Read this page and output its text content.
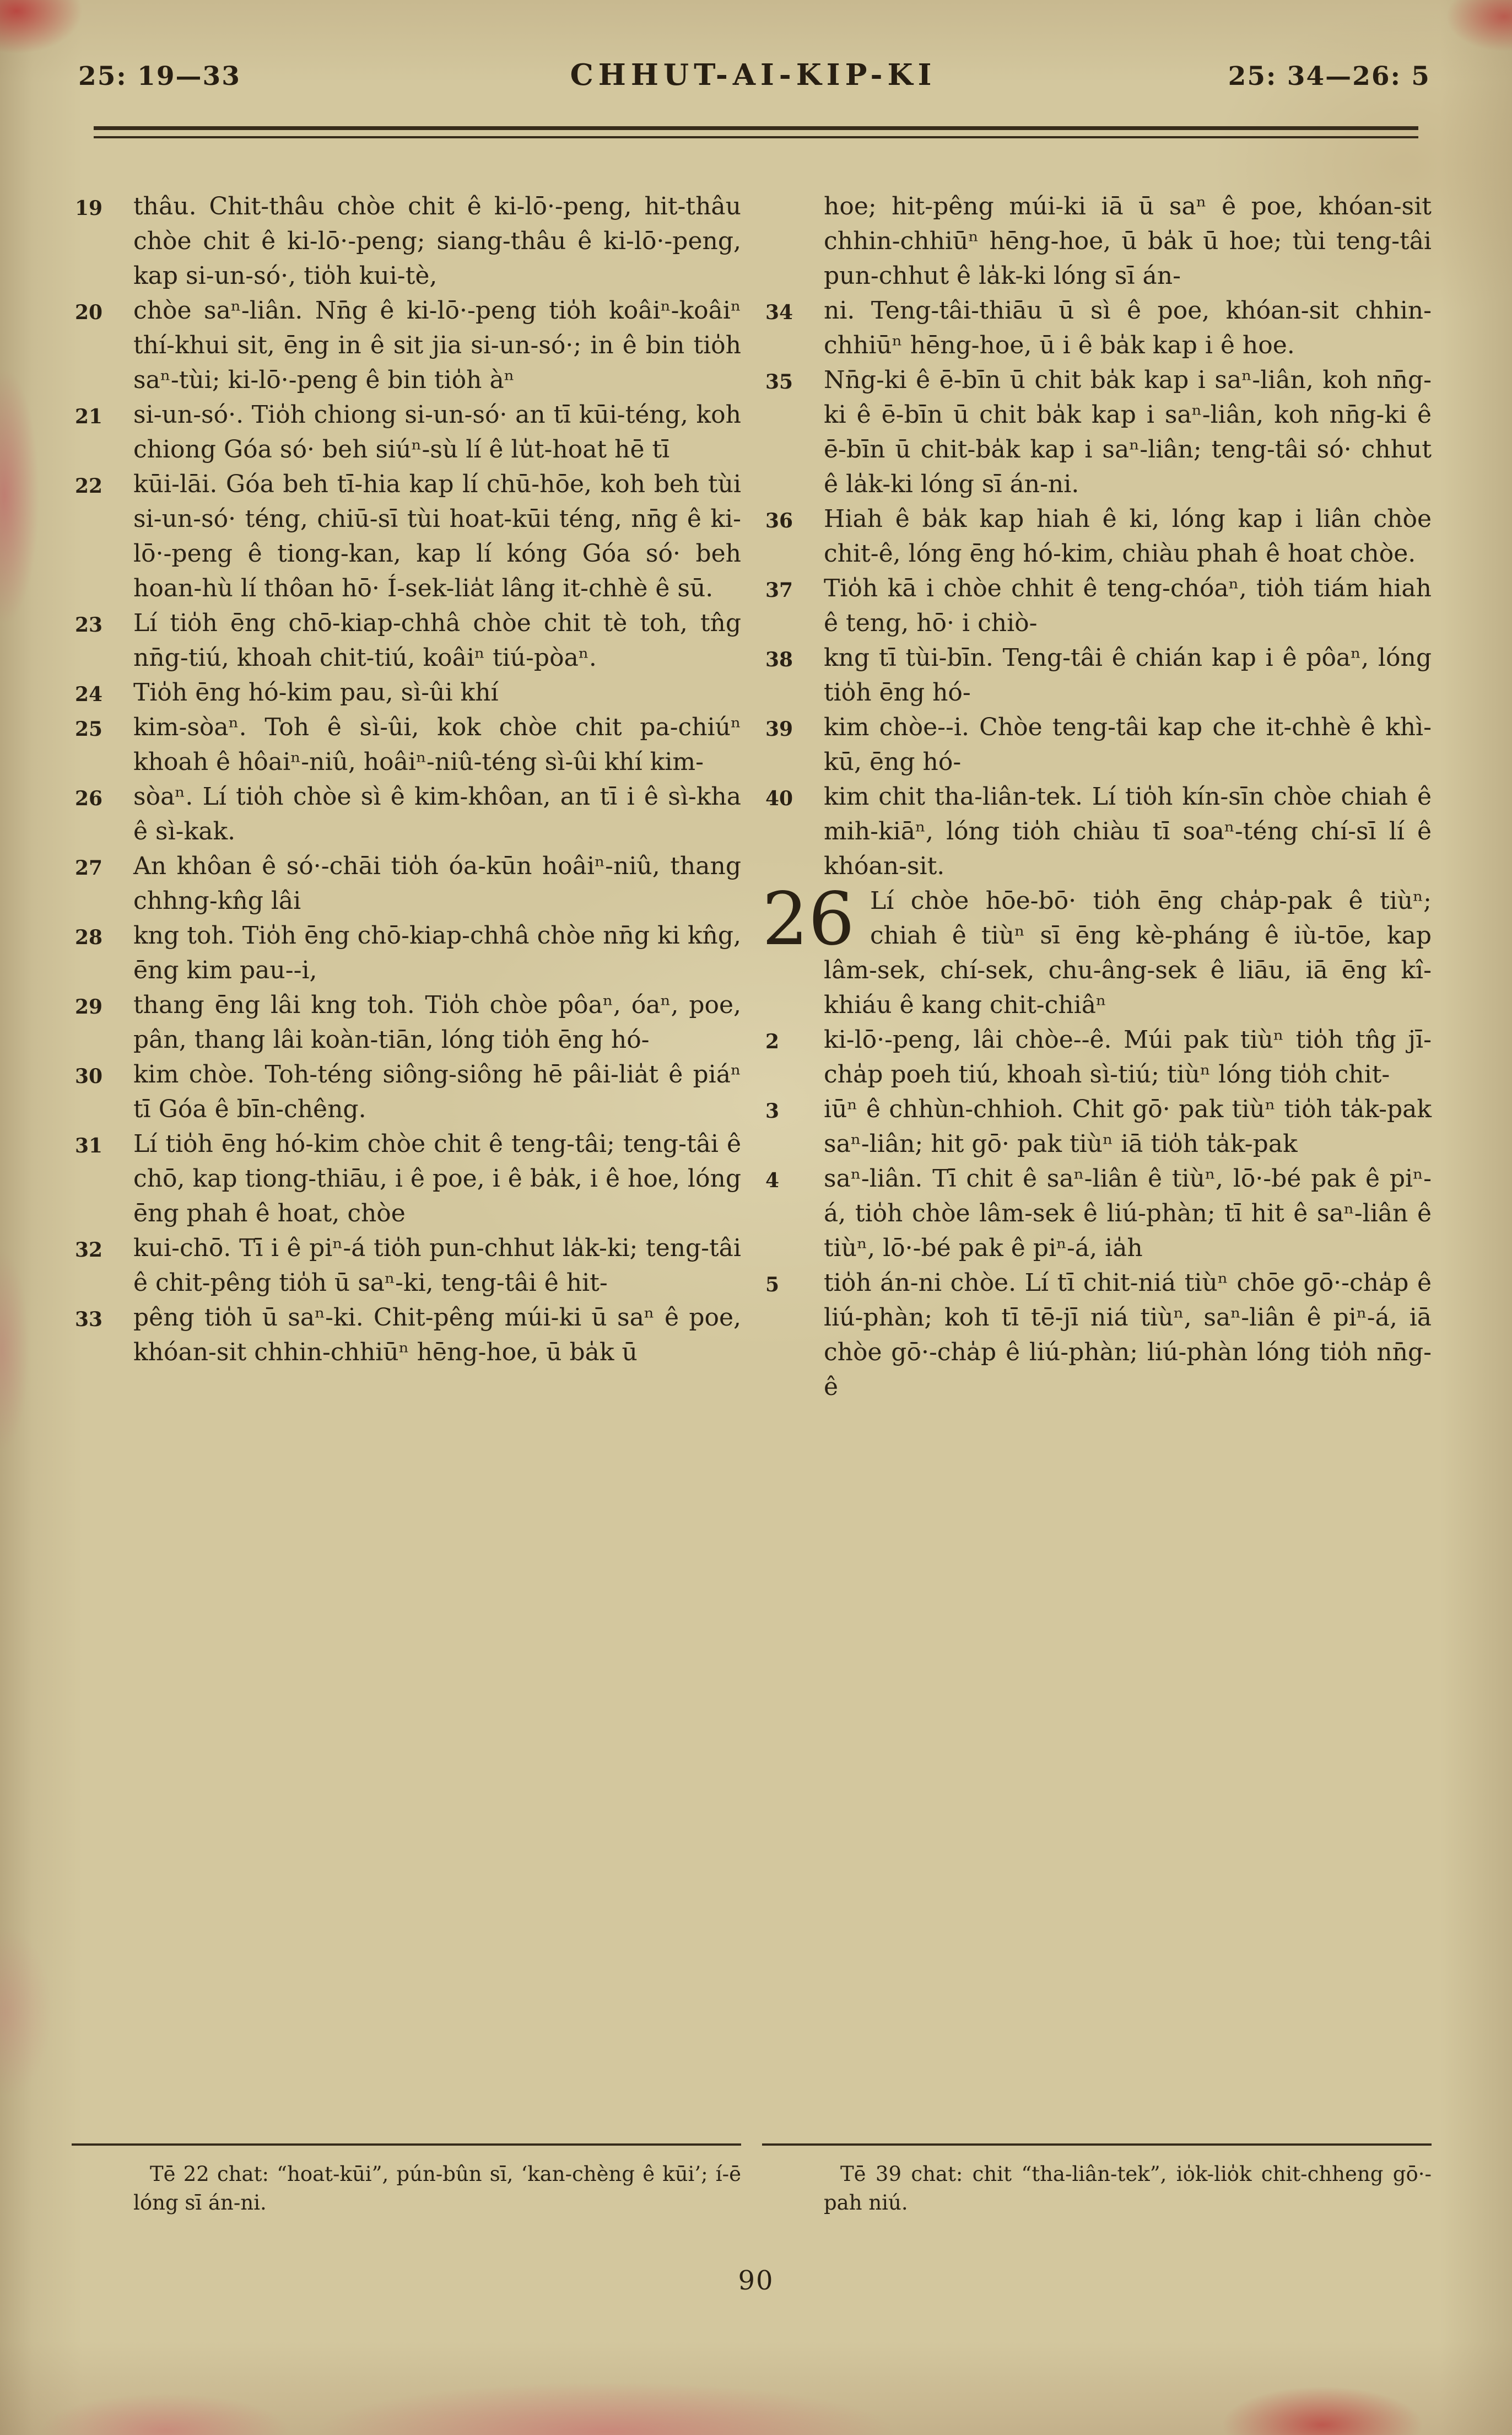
25: 19—33	CHHUT-AI-KIP-KI	25: 34—26: 5

19 thâu. Chit-thâu chòe chit ê ki-lō·-peng, hit-thâu chòe chit ê ki-lō·-peng; siang-thâu ê ki-lō·-peng, kap si-un-só·, tio̍h kui-tè,

20 chòe saⁿ-liân. Nn̄g ê ki-lō·-peng tio̍h koâiⁿ-koâiⁿ thí-khui sit, ēng in ê sit jia si-un-só·; in ê bin tio̍h saⁿ-tùi; ki-lō·-peng ê bin tio̍h àⁿ

21 si-un-só·. Tio̍h chiong si-un-só· an tī kūi-téng, koh chiong Góa só· beh siúⁿ-sù lí ê lu̍t-hoat hē tī

22 kūi-lāi. Góa beh tī-hia kap lí chū-hōe, koh beh tùi si-un-só· téng, chiū-sī tùi hoat-kūi téng, nn̄g ê ki-lō·-peng ê tiong-kan, kap lí kóng Góa só· beh hoan-hù lí thôan hō· Í-sek-lia̍t lâng it-chhè ê sū.

23 Lí tio̍h ēng chō-kiap-chhâ chòe chit tè toh, tn̂g nn̄g-tiú, khoah chit-tiú, koâiⁿ tiú-pòaⁿ.

24 Tio̍h ēng hó-kim pau, sì-ûi khí

25 kim-sòaⁿ. Toh ê sì-ûi, kok chòe chit pa-chiúⁿ khoah ê hôaiⁿ-niû, hoâiⁿ-niû-téng sì-ûi khí kim-

26 sòaⁿ. Lí tio̍h chòe sì ê kim-khôan, an tī i ê sì-kha ê sì-kak.

27 An khôan ê só·-chāi tio̍h óa-kūn hoâiⁿ-niû, thang chhng-kn̂g lâi

28 kng toh. Tio̍h ēng chō-kiap-chhâ chòe nn̄g ki kn̂g, ēng kim pau--i,

29 thang ēng lâi kng toh. Tio̍h chòe pôaⁿ, óaⁿ, poe, pân, thang lâi koàn-tiān, lóng tio̍h ēng hó-

30 kim chòe. Toh-téng siông-siông hē pâi-lia̍t ê piáⁿ tī Góa ê bīn-chêng.

31 Lí tio̍h ēng hó-kim chòe chit ê teng-tâi; teng-tâi ê chō, kap tiong-thiāu, i ê poe, i ê ba̍k, i ê hoe, lóng ēng phah ê hoat, chòe

32 kui-chō. Tī i ê piⁿ-á tio̍h pun-chhut la̍k-ki; teng-tâi ê chit-pêng tio̍h ū saⁿ-ki, teng-tâi ê hit-

33 pêng tio̍h ū saⁿ-ki. Chit-pêng múi-ki ū saⁿ ê poe, khóan-sit chhin-chhiūⁿ hēng-hoe, ū ba̍k ū

Tē 22 chat: “hoat-kūi”, pún-bûn sī, ‘kan-chèng ê kūi’; í-ē lóng sī án-ni.

hoe; hit-pêng múi-ki iā ū saⁿ ê poe, khóan-sit chhin-chhiūⁿ hēng-hoe, ū ba̍k ū hoe; tùi teng-tâi pun-chhut ê la̍k-ki lóng sī án-

34 ni. Teng-tâi-thiāu ū sì ê poe, khóan-sit chhin-chhiūⁿ hēng-hoe, ū i ê ba̍k kap i ê hoe.

35 Nn̄g-ki ê ē-bīn ū chit ba̍k kap i saⁿ-liân, koh nn̄g-ki ê ē-bīn ū chit ba̍k kap i saⁿ-liân, koh nn̄g-ki ê ē-bīn ū chit-ba̍k kap i saⁿ-liân; teng-tâi só· chhut ê la̍k-ki lóng sī án-ni.

36 Hiah ê ba̍k kap hiah ê ki, lóng kap i liân chòe chit-ê, lóng ēng hó-kim, chiàu phah ê hoat chòe.

37 Tio̍h kā i chòe chhit ê teng-chóaⁿ, tio̍h tiám hiah ê teng, hō· i chiò-

38 kng tī tùi-bīn. Teng-tâi ê chián kap i ê pôaⁿ, lóng tio̍h ēng hó-

39 kim chòe--i. Chòe teng-tâi kap che it-chhè ê khì-kū, ēng hó-

40 kim chit tha-liân-tek. Lí tio̍h kín-sīn chòe chiah ê mih-kiāⁿ, lóng tio̍h chiàu tī soaⁿ-téng chí-sī lí ê khóan-sit.

26 Lí chòe hōe-bō· tio̍h ēng cha̍p-pak ê tiùⁿ; chiah ê tiùⁿ sī ēng kè-pháng ê iù-tōe, kap lâm-sek, chí-sek, chu-âng-sek ê liāu, iā ēng kî-khiáu ê kang chit-chiâⁿ

2 ki-lō·-peng, lâi chòe--ê. Múi pak tiùⁿ tio̍h tn̂g jī-cha̍p poeh tiú, khoah sì-tiú; tiùⁿ lóng tio̍h chit-

3 iūⁿ ê chhùn-chhioh. Chit gō· pak tiùⁿ tio̍h ta̍k-pak saⁿ-liân; hit gō· pak tiùⁿ iā tio̍h ta̍k-pak

4 saⁿ-liân. Tī chit ê saⁿ-liân ê tiùⁿ, lō·-bé pak ê piⁿ-á, tio̍h chòe lâm-sek ê liú-phàn; tī hit ê saⁿ-liân ê tiùⁿ, lō·-bé pak ê piⁿ-á, ia̍h

5 tio̍h án-ni chòe. Lí tī chit-niá tiùⁿ chōe gō·-cha̍p ê liú-phàn; koh tī tē-jī niá tiùⁿ, saⁿ-liân ê piⁿ-á, iā chòe gō·-cha̍p ê liú-phàn; liú-phàn lóng tio̍h nn̄g-ê

Tē 39 chat: chit “tha-liân-tek”, io̍k-lio̍k chit-chheng gō·-pah niú.

90
